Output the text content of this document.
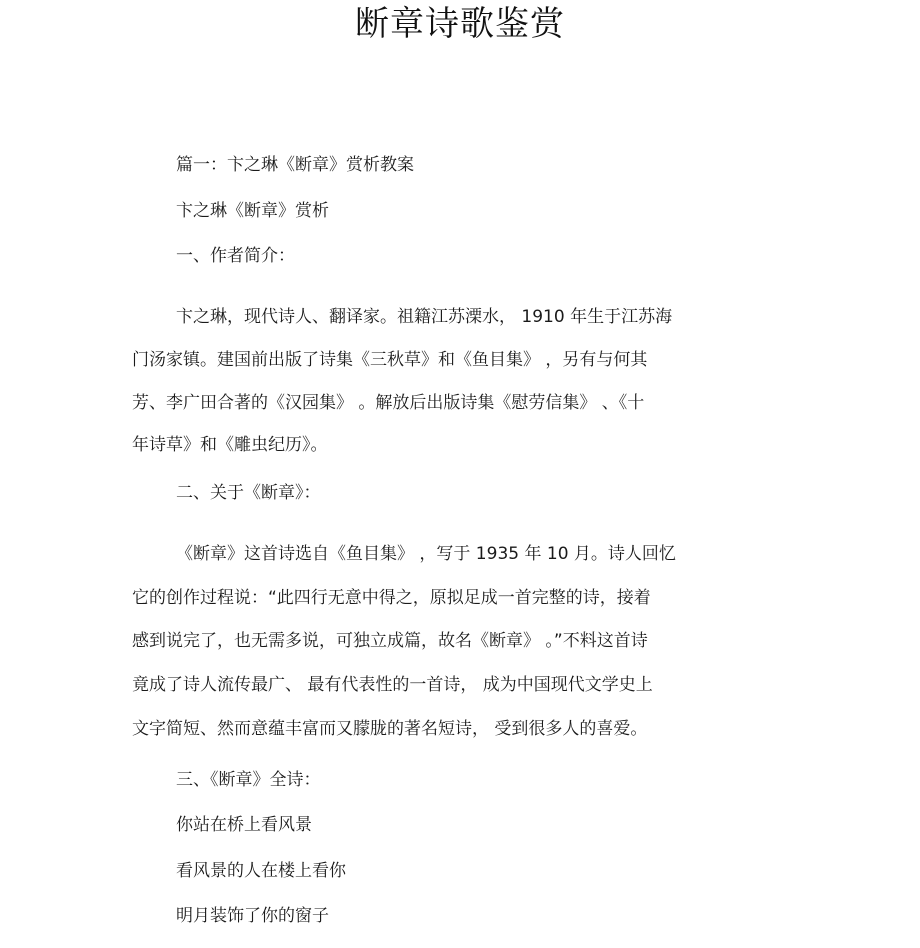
断章诗歌鉴赏
篇一：卞之琳《断章》赏析教案
卞之琳《断章》赏析
一、作者简介：
卞之琳，现代诗人、翻译家。祖籍江苏溧水， 1910 年生于江苏海
门汤家镇。建国前出版了诗集《三秋草》和《鱼目集》 ，另有与何其
芳、李广田合著的《汉园集》 。解放后出版诗集《慰劳信集》 、《十
年诗草》和《雕虫纪历》。
二、关于《断章》：
《断章》这首诗选自《鱼目集》 ，写于 1935 年 10 月。诗人回忆
它的创作过程说：“此四行无意中得之，原拟足成一首完整的诗，接着
感到说完了，也无需多说，可独立成篇，故名《断章》 。”不料这首诗
竟成了诗人流传最广、 最有代表性的一首诗， 成为中国现代文学史上
文字简短、然而意蕴丰富而又朦胧的著名短诗， 受到很多人的喜爱。
三、《断章》全诗：
你站在桥上看风景
看风景的人在楼上看你
明月装饰了你的窗子
